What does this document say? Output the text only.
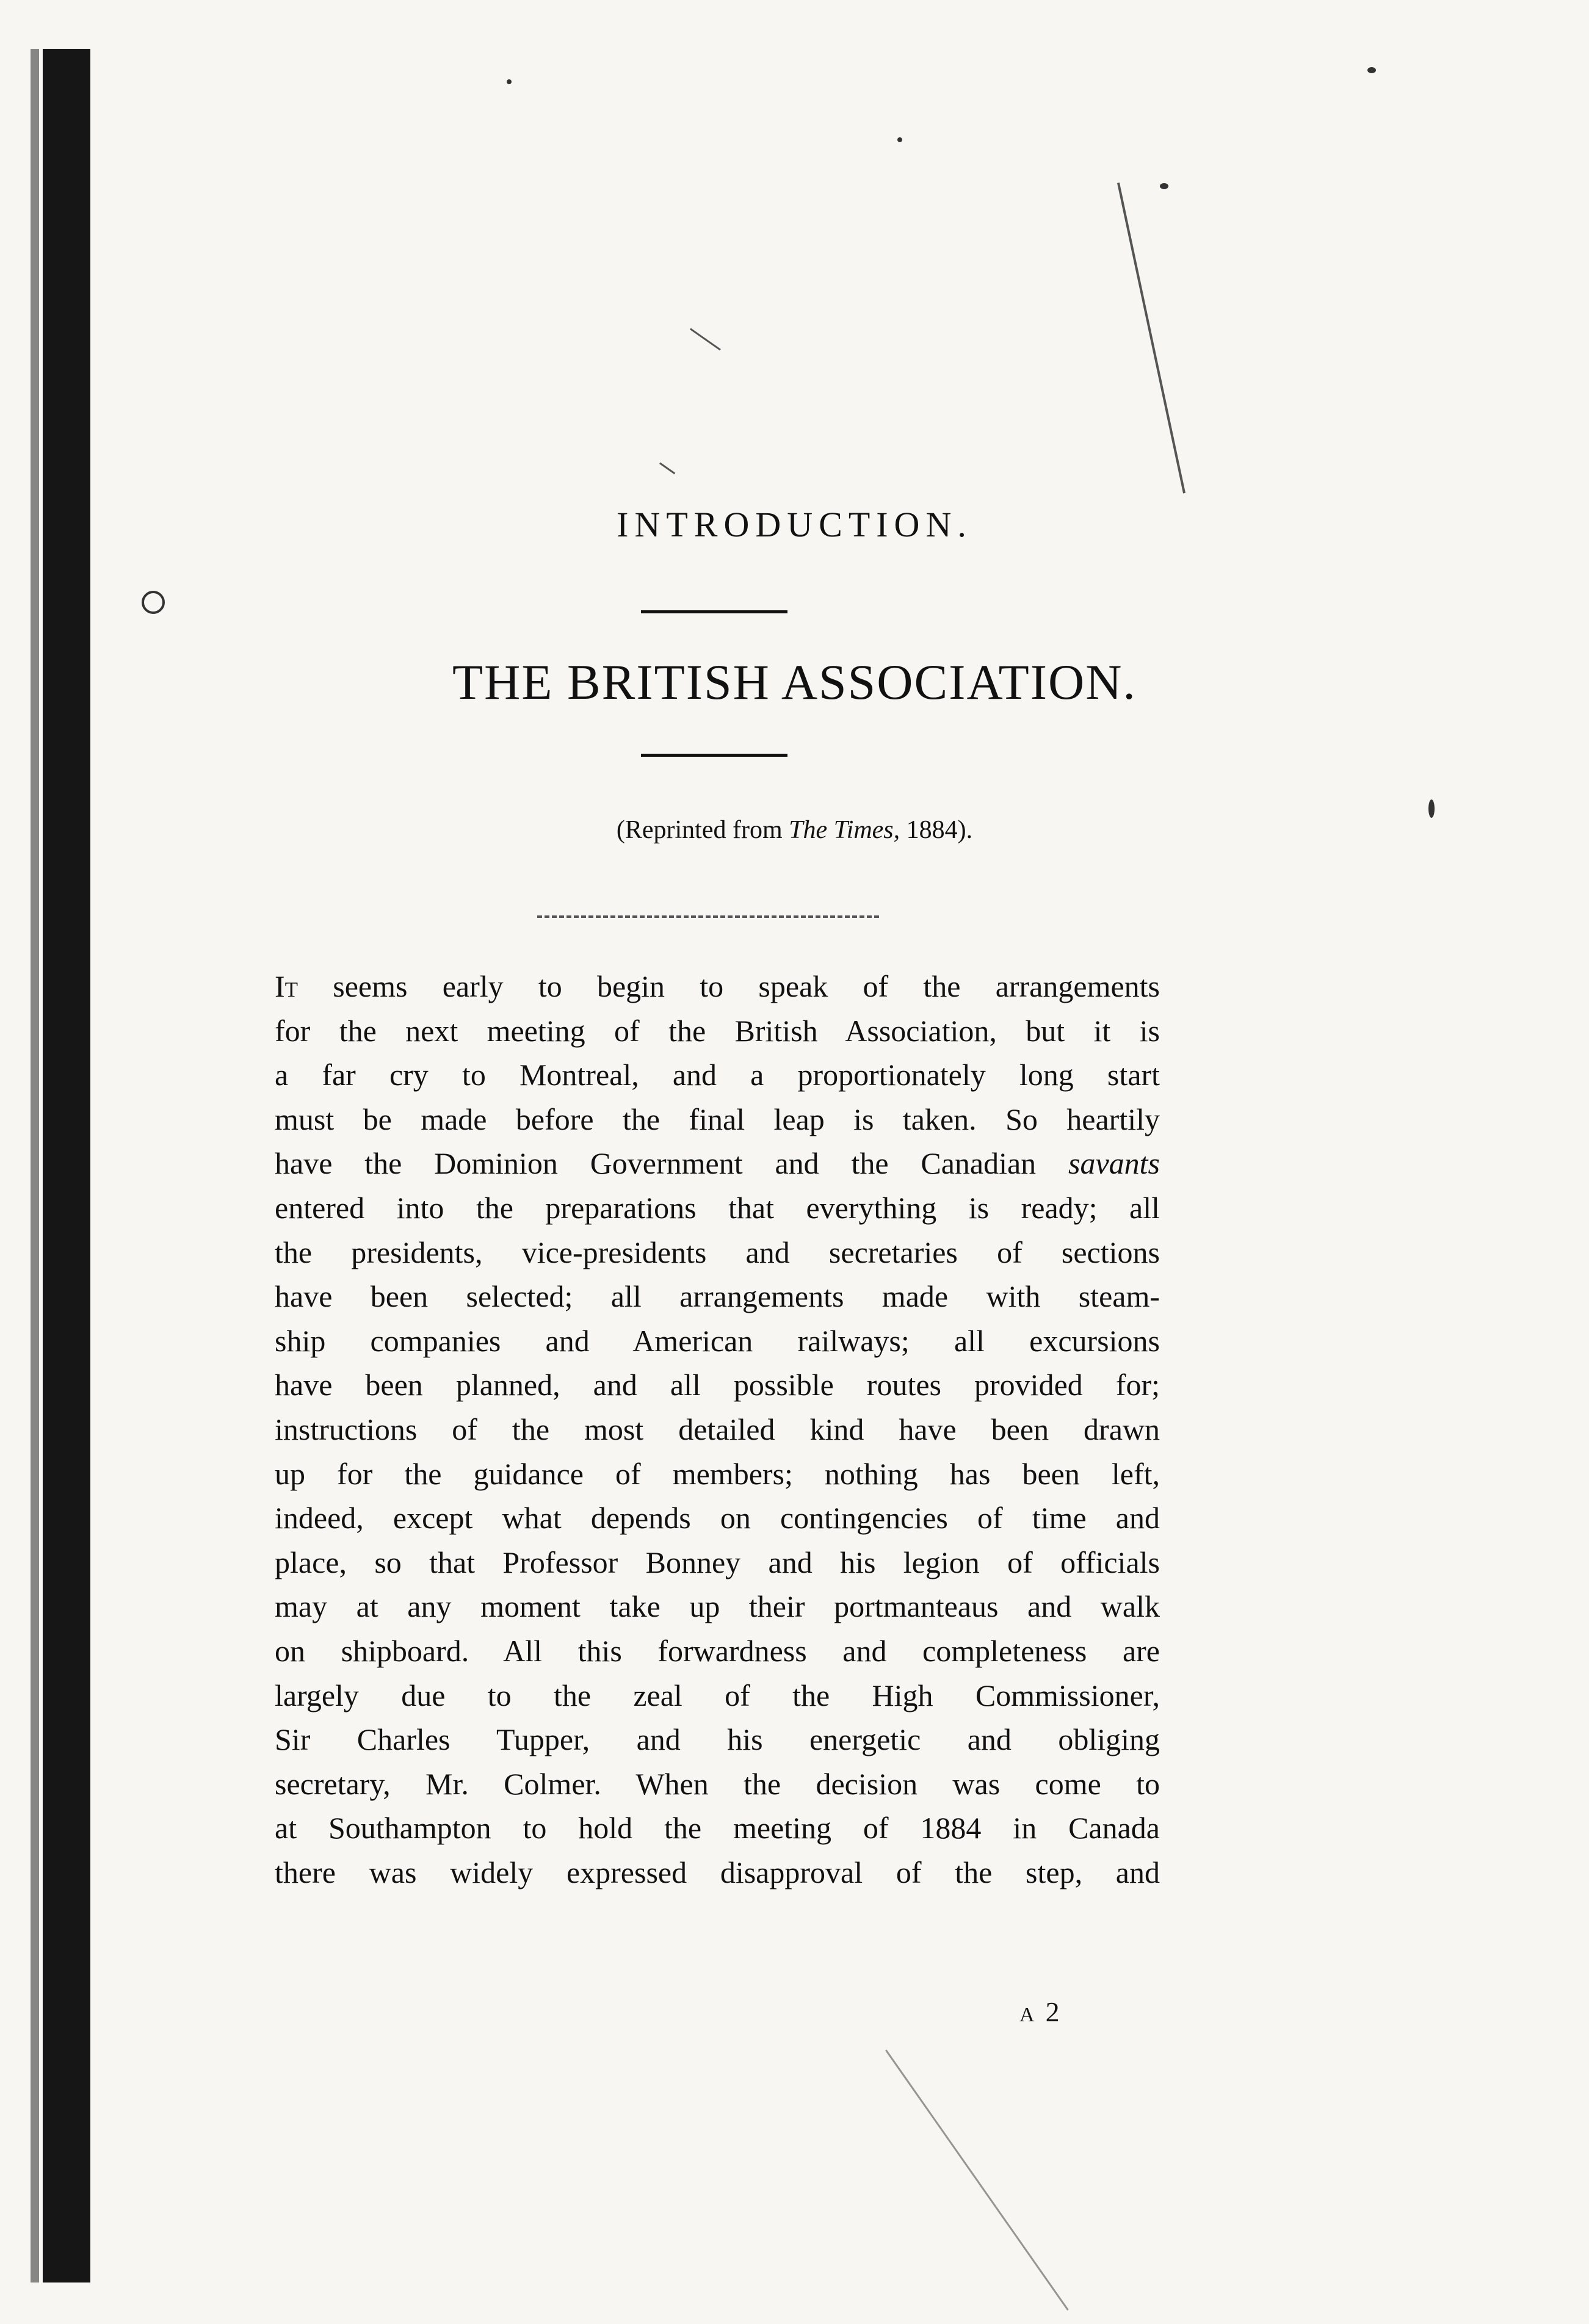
INTRODUCTION.
THE BRITISH ASSOCIATION.
(Reprinted from The Times, 1884).
It seems early to begin to speak of the arrangements
for the next meeting of the British Association, but it is
a far cry to Montreal, and a proportionately long start
must be made before the final leap is taken. So heartily
have the Dominion Government and the Canadian savants
entered into the preparations that everything is ready; all
the presidents, vice-presidents and secretaries of sections
have been selected; all arrangements made with steam-
ship companies and American railways; all excursions
have been planned, and all possible routes provided for;
instructions of the most detailed kind have been drawn
up for the guidance of members; nothing has been left,
indeed, except what depends on contingencies of time and
place, so that Professor Bonney and his legion of officials
may at any moment take up their portmanteaus and walk
on shipboard. All this forwardness and completeness are
largely due to the zeal of the High Commissioner,
Sir Charles Tupper, and his energetic and obliging
secretary, Mr. Colmer. When the decision was come to
at Southampton to hold the meeting of 1884 in Canada
there was widely expressed disapproval of the step, and
A2
